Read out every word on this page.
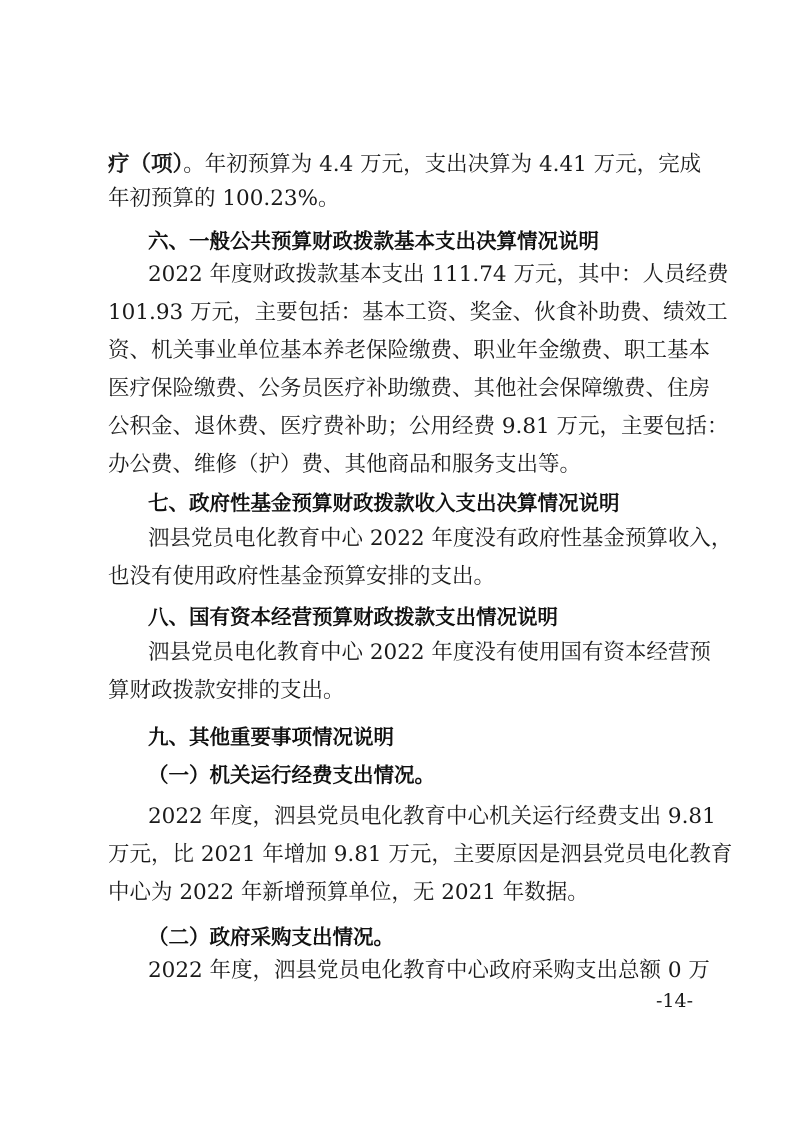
疗（项）。年初预算为 4.4 万元，支出决算为 4.41 万元，完成
年初预算的 100.23%。
六、一般公共预算财政拨款基本支出决算情况说明
2022 年度财政拨款基本支出 111.74 万元，其中：人员经费
101.93 万元，主要包括：基本工资、奖金、伙食补助费、绩效工
资、机关事业单位基本养老保险缴费、职业年金缴费、职工基本
医疗保险缴费、公务员医疗补助缴费、其他社会保障缴费、住房
公积金、退休费、医疗费补助；公用经费 9.81 万元，主要包括：
办公费、维修（护）费、其他商品和服务支出等。
七、政府性基金预算财政拨款收入支出决算情况说明
泗县党员电化教育中心 2022 年度没有政府性基金预算收入，
也没有使用政府性基金预算安排的支出。
八、国有资本经营预算财政拨款支出情况说明
泗县党员电化教育中心 2022 年度没有使用国有资本经营预
算财政拨款安排的支出。
九、其他重要事项情况说明
（一）机关运行经费支出情况。
2022 年度，泗县党员电化教育中心机关运行经费支出 9.81
万元，比 2021 年增加 9.81 万元，主要原因是泗县党员电化教育
中心为 2022 年新增预算单位，无 2021 年数据。
（二）政府采购支出情况。
2022 年度，泗县党员电化教育中心政府采购支出总额 0 万
-14-
